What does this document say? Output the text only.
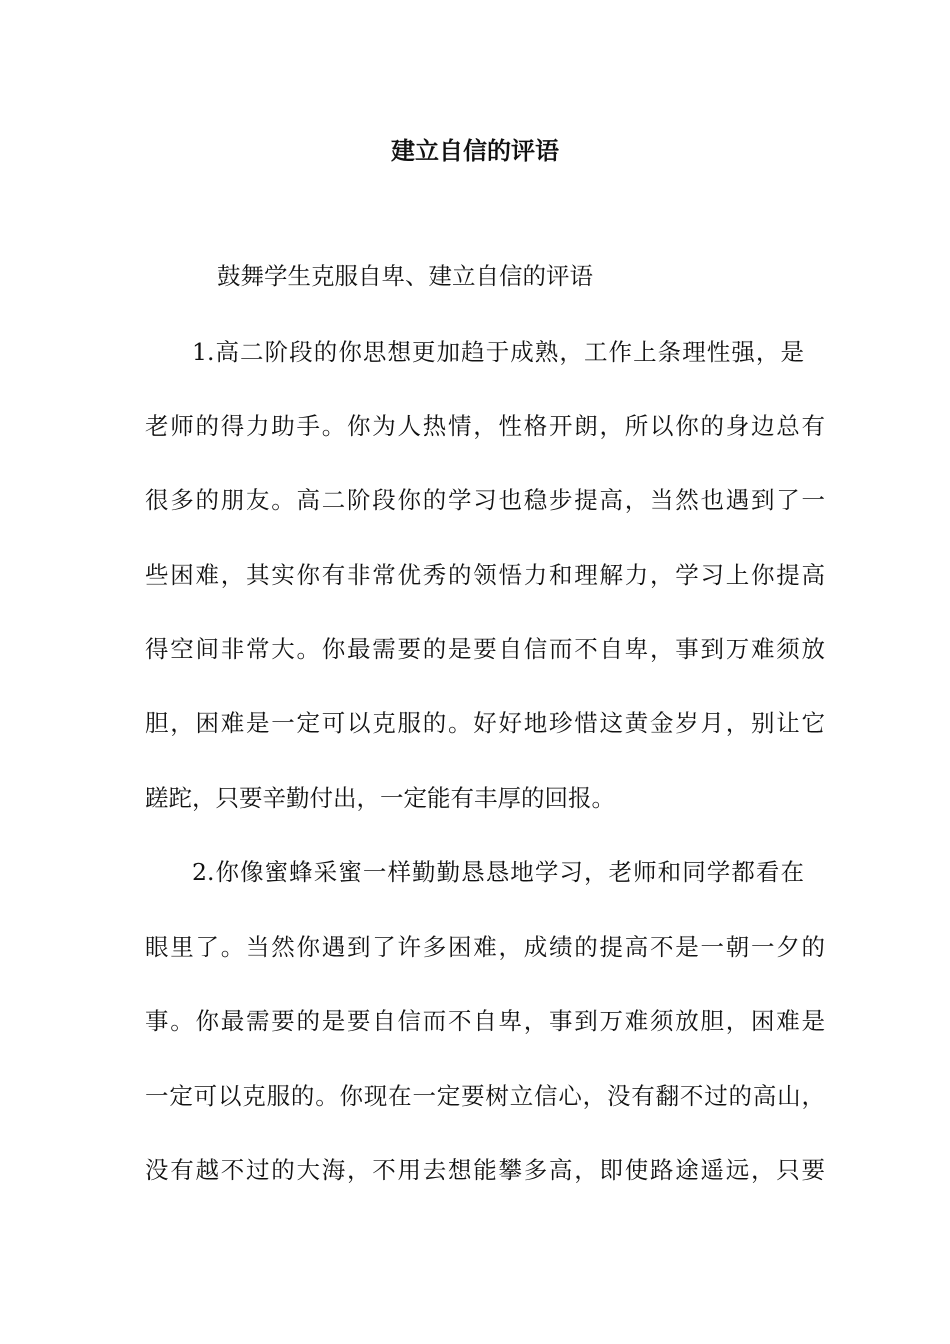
建立自信的评语
鼓舞学生克服自卑、建立自信的评语
1.高二阶段的你思想更加趋于成熟，工作上条理性强，是
老师的得力助手。你为人热情，性格开朗，所以你的身边总有
很多的朋友。高二阶段你的学习也稳步提高，当然也遇到了一
些困难，其实你有非常优秀的领悟力和理解力，学习上你提高
得空间非常大。你最需要的是要自信而不自卑，事到万难须放
胆，困难是一定可以克服的。好好地珍惜这黄金岁月，别让它
蹉跎，只要辛勤付出，一定能有丰厚的回报。
2.你像蜜蜂采蜜一样勤勤恳恳地学习，老师和同学都看在
眼里了。当然你遇到了许多困难，成绩的提高不是一朝一夕的
事。你最需要的是要自信而不自卑，事到万难须放胆，困难是
一定可以克服的。你现在一定要树立信心，没有翻不过的高山，
没有越不过的大海，不用去想能攀多高，即使路途遥远，只要
